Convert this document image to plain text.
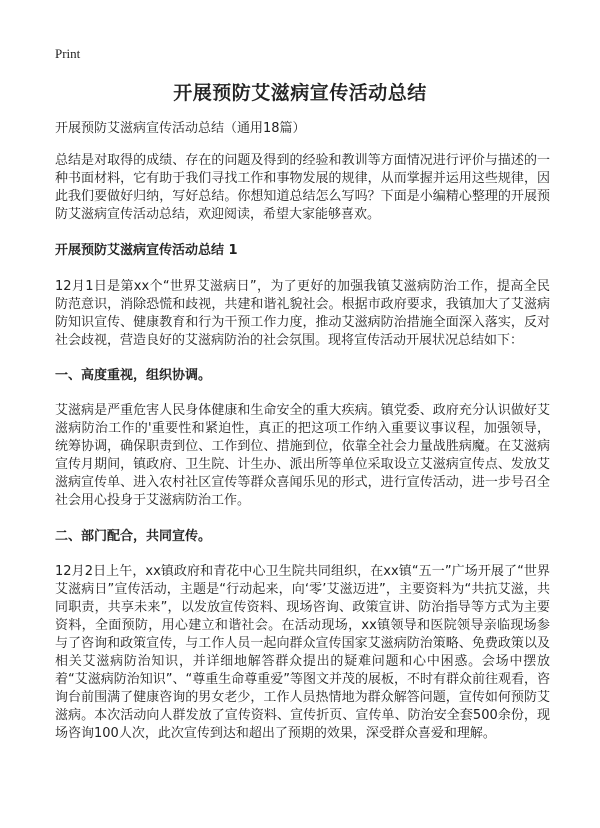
Print
开展预防艾滋病宣传活动总结

开展预防艾滋病宣传活动总结（通用18篇）

总结是对取得的成绩、存在的问题及得到的经验和教训等方面情况进行评价与描述的一种书面材料，它有助于我们寻找工作和事物发展的规律，从而掌握并运用这些规律，因此我们要做好归纳，写好总结。你想知道总结怎么写吗？下面是小编精心整理的开展预防艾滋病宣传活动总结，欢迎阅读，希望大家能够喜欢。

开展预防艾滋病宣传活动总结 1

12月1日是第xx个“世界艾滋病日”，为了更好的加强我镇艾滋病防治工作，提高全民防范意识，消除恐慌和歧视，共建和谐礼貌社会。根据市政府要求，我镇加大了艾滋病防知识宣传、健康教育和行为干预工作力度，推动艾滋病防治措施全面深入落实，反对社会歧视，营造良好的艾滋病防治的社会氛围。现将宣传活动开展状况总结如下：

一、高度重视，组织协调。

艾滋病是严重危害人民身体健康和生命安全的重大疾病。镇党委、政府充分认识做好艾滋病防治工作的'重要性和紧迫性，真正的把这项工作纳入重要议事议程，加强领导，统筹协调，确保职责到位、工作到位、措施到位，依靠全社会力量战胜病魔。在艾滋病宣传月期间，镇政府、卫生院、计生办、派出所等单位采取设立艾滋病宣传点、发放艾滋病宣传单、进入农村社区宣传等群众喜闻乐见的形式，进行宣传活动，进一步号召全社会用心投身于艾滋病防治工作。

二、部门配合，共同宣传。

12月2日上午，xx镇政府和青花中心卫生院共同组织，在xx镇“五一”广场开展了“世界艾滋病日”宣传活动，主题是“行动起来，向‘零’艾滋迈进”，主要资料为“共抗艾滋，共同职责，共享未来”，以发放宣传资料、现场咨询、政策宣讲、防治指导等方式为主要资料，全面预防，用心建立和谐社会。在活动现场，xx镇领导和医院领导亲临现场参与了咨询和政策宣传，与工作人员一起向群众宣传国家艾滋病防治策略、免费政策以及相关艾滋病防治知识，并详细地解答群众提出的疑难问题和心中困惑。会场中摆放着“艾滋病防治知识”、“尊重生命尊重爱”等图文并茂的展板，不时有群众前往观看，咨询台前围满了健康咨询的男女老少，工作人员热情地为群众解答问题，宣传如何预防艾滋病。本次活动向人群发放了宣传资料、宣传折页、宣传单、防治安全套500余份，现场咨询100人次，此次宣传到达和超出了预期的效果，深受群众喜爱和理解。
